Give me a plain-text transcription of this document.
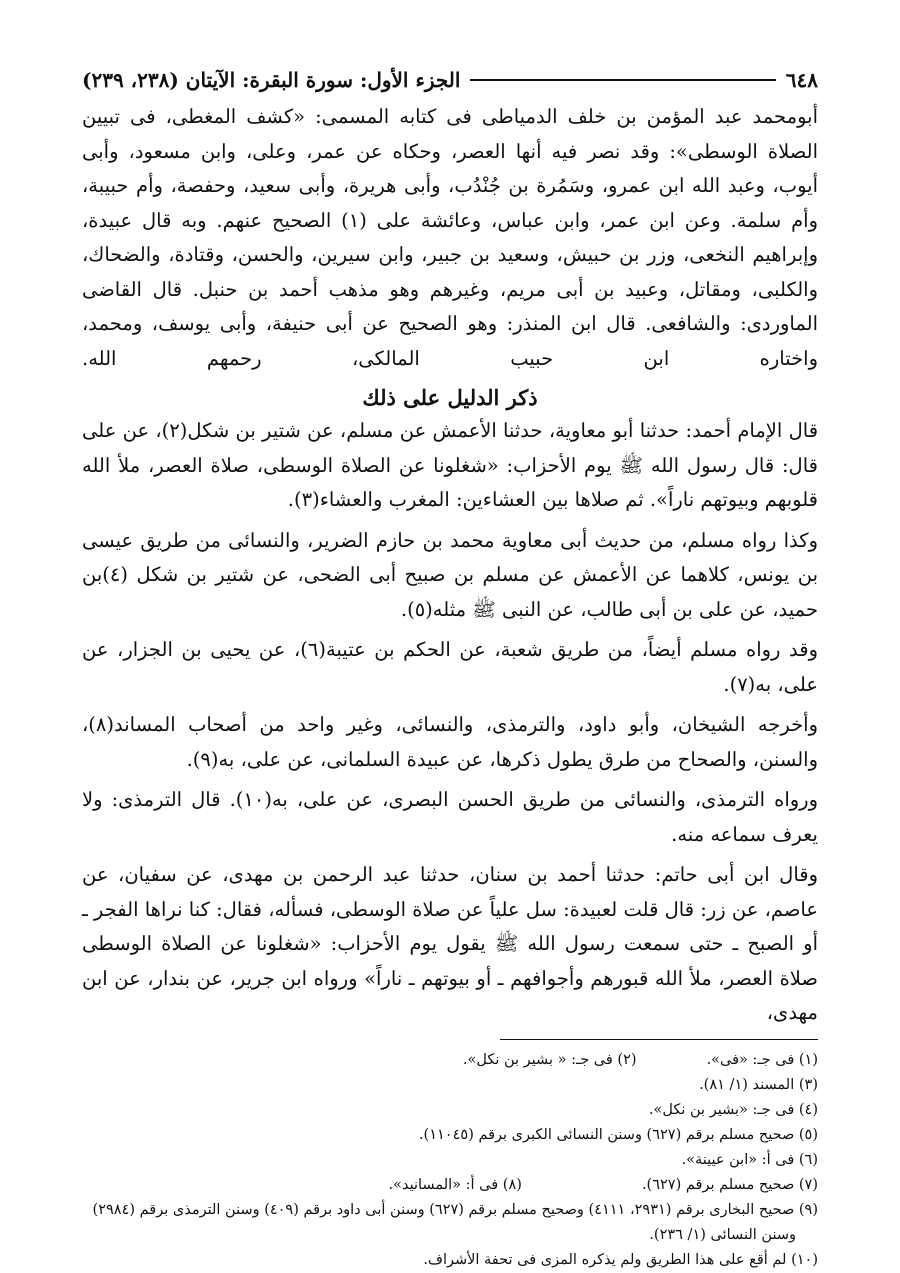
٦٤٨
الجزء الأول: سورة البقرة: الآيتان (٢٣٨، ٢٣٩)

أبومحمد عبد المؤمن بن خلف الدمياطى فى كتابه المسمى: «كشف المغطى، فى تبيين الصلاة الوسطى»: وقد نصر فيه أنها العصر، وحكاه عن عمر، وعلى، وابن مسعود، وأبى أيوب، وعبد الله ابن عمرو، وسَمُرة بن جُنْدُب، وأبى هريرة، وأبى سعيد، وحفصة، وأم حبيبة، وأم سلمة. وعن ابن عمر، وابن عباس، وعائشة على (١) الصحيح عنهم. وبه قال عبيدة، وإبراهيم النخعى، وزر بن حبيش، وسعيد بن جبير، وابن سيرين، والحسن، وقتادة، والضحاك، والكلبى، ومقاتل، وعبيد بن أبى مريم، وغيرهم وهو مذهب أحمد بن حنبل. قال القاضى الماوردى: والشافعى. قال ابن المنذر: وهو الصحيح عن أبى حنيفة، وأبى يوسف، ومحمد، واختاره ابن حبيب المالكى، رحمهم الله.

ذكر الدليل على ذلك

قال الإمام أحمد: حدثنا أبو معاوية، حدثنا الأعمش عن مسلم، عن شتير بن شكل(٢)، عن على قال: قال رسول الله ﷺ يوم الأحزاب: «شغلونا عن الصلاة الوسطى، صلاة العصر، ملأ الله قلوبهم وبيوتهم ناراً». ثم صلاها بين العشاءين: المغرب والعشاء(٣).

وكذا رواه مسلم، من حديث أبى معاوية محمد بن حازم الضرير، والنسائى من طريق عيسى بن يونس، كلاهما عن الأعمش عن مسلم بن صبيح أبى الضحى، عن شتير بن شكل (٤)بن حميد، عن على بن أبى طالب، عن النبى ﷺ مثله(٥).

وقد رواه مسلم أيضاً، من طريق شعبة، عن الحكم بن عتيبة(٦)، عن يحيى بن الجزار، عن على، به(٧).

وأخرجه الشيخان، وأبو داود، والترمذى، والنسائى، وغير واحد من أصحاب المساند(٨)، والسنن، والصحاح من طرق يطول ذكرها، عن عبيدة السلمانى، عن على، به(٩).

ورواه الترمذى، والنسائى من طريق الحسن البصرى، عن على، به(١٠). قال الترمذى: ولا يعرف سماعه منه.

وقال ابن أبى حاتم: حدثنا أحمد بن سنان، حدثنا عبد الرحمن بن مهدى، عن سفيان، عن عاصم، عن زر: قال قلت لعبيدة: سل علياً عن صلاة الوسطى، فسأله، فقال: كنا نراها الفجر ـ أو الصبح ـ حتى سمعت رسول الله ﷺ يقول يوم الأحزاب: «شغلونا عن الصلاة الوسطى صلاة العصر، ملأ الله قبورهم وأجوافهم ـ أو بيوتهم ـ ناراً» ورواه ابن جرير، عن بندار، عن ابن مهدى،

(١) فى جـ: «فى».(٢) فى جـ: « بشير بن نكل».

(٣) المسند (١/ ٨١).

(٤) فى جـ: «بشير بن نكل».

(٥) صحيح مسلم برقم (٦٢٧) وسنن النسائى الكبرى برقم (١١٠٤٥).

(٦) فى أ: «ابن عيينة».

(٧) صحيح مسلم برقم (٦٢٧).(٨) فى أ: «المسانيد».

(٩) صحيح البخارى برقم (٢٩٣١، ٤١١١) وصحيح مسلم برقم (٦٢٧) وسنن أبى داود برقم (٤٠٩) وسنن الترمذى برقم (٢٩٨٤)

وسنن النسائى (١/ ٢٣٦).

(١٠) لم أقع على هذا الطريق ولم يذكره المزى فى تحفة الأشراف.
